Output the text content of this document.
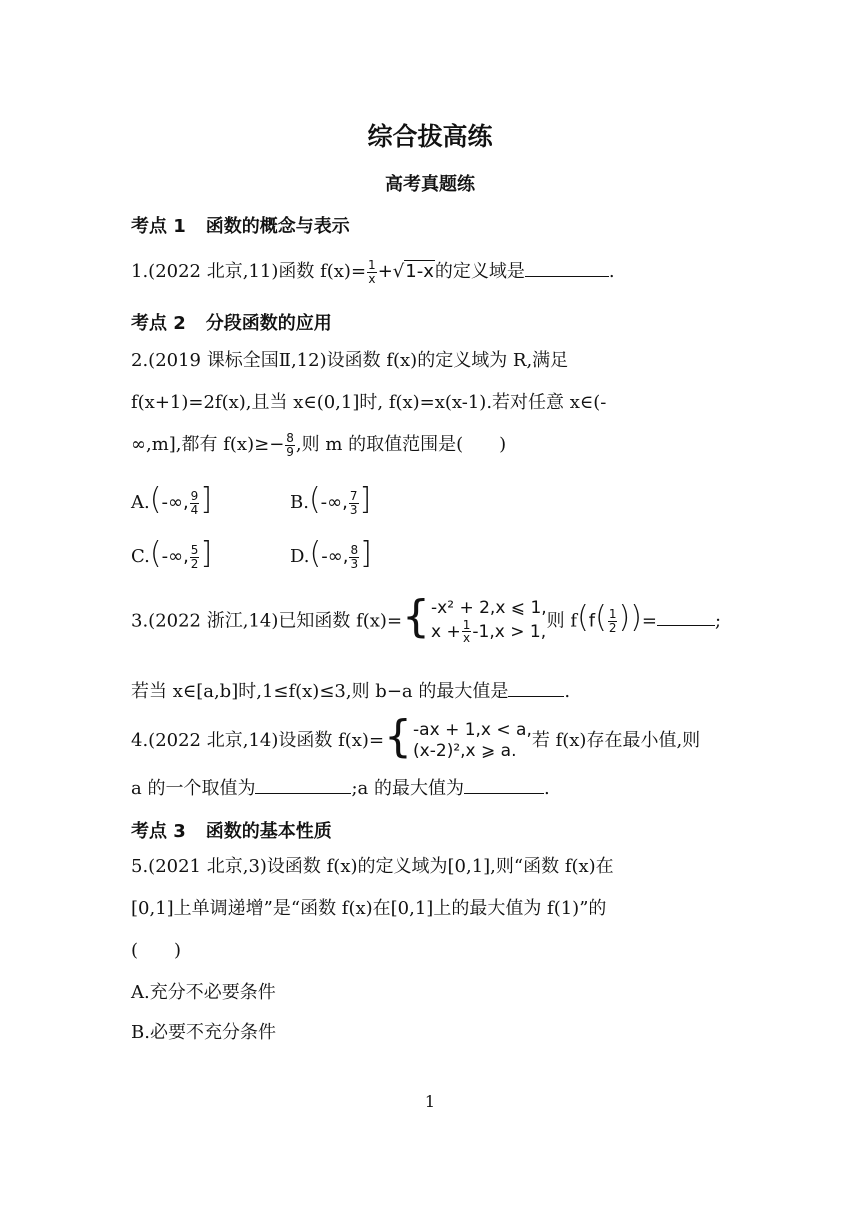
综合拔高练
高考真题练
考点 1 函数的概念与表示
1.(2022 北京,11)函数 $f(x)= \frac{1}{x} +√1-x$的定义域是	.
考点 2 分段函数的应用
2.(2019 课标全国Ⅱ,12)设函数 f(x)的定义域为 R,满足
f(x+1)=2f(x),且当 x∈(0,1]时, f(x)=x(x-1).若对任意 x∈(-
∞,m],都有 $f(x)\ge- \frac{8}{9}$ ,则 m 的取值范围是(　　)
A.(-∞, $\frac{9}{4}$ ]	B.(-∞, $\frac{7}{3}$ ]
C.(-∞, $\frac{5}{2}$ ]	D.(-∞, $\frac{8}{3}$ ]
3.(2022 浙江,14)已知函数 f(x)={ -x² + 2,x ⩽ 1,
$x + \frac{1}{x} -1,x > 1$,
则 $f(f( \frac{1}{2}$ ))=	;
若当 x∈[a,b]时,1≤f(x)≤3,则 b−a 的最大值是	.
4.(2022 北京,14)设函数 f(x)={ -ax + 1,x < a,
(x-2)²,x ⩾ a. 若 f(x)存在最小值,则
a 的一个取值为	;a 的最大值为	.
考点 3 函数的基本性质
5.(2021 北京,3)设函数 f(x)的定义域为[0,1],则“函数 f(x)在
[0,1]上单调递增”是“函数 f(x)在[0,1]上的最大值为 f(1)”的
(　　)
A.充分不必要条件
B.必要不充分条件
1
